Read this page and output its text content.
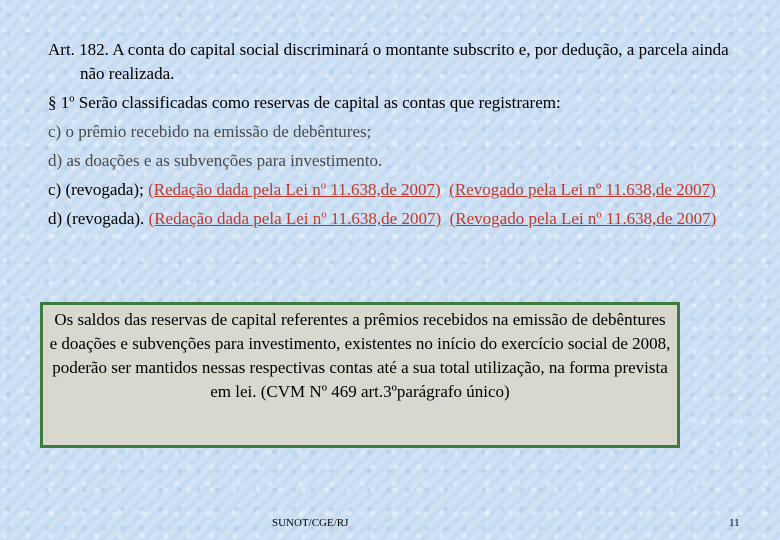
Art. 182. A conta do capital social discriminará o montante subscrito e, por dedução, a parcela ainda não realizada.

§ 1º Serão classificadas como reservas de capital as contas que registrarem:

c) o prêmio recebido na emissão de debêntures;

d) as doações e as subvenções para investimento.

c) (revogada); (Redação dada pela Lei nº 11.638,de 2007) (Revogado pela Lei nº 11.638,de 2007)

d) (revogada). (Redação dada pela Lei nº 11.638,de 2007) (Revogado pela Lei nº 11.638,de 2007)

Os saldos das reservas de capital referentes a prêmios recebidos na emissão de debêntures e doações e subvenções para investimento, existentes no início do exercício social de 2008, poderão ser mantidos nessas respectivas contas até a sua total utilização, na forma prevista em lei. (CVM Nº 469 art.3ºparágrafo único)
SUNOT/CGE/RJ	11
